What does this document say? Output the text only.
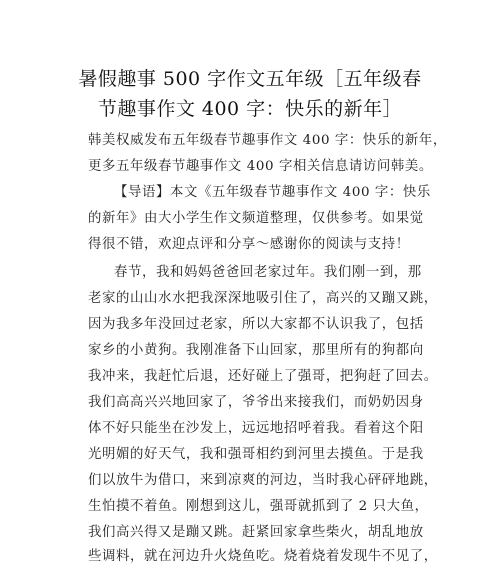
暑假趣事 500 字作文五年级［五年级春
节趣事作文 400 字：快乐的新年］
韩美权威发布五年级春节趣事作文 400 字：快乐的新年，
更多五年级春节趣事作文 400 字相关信息请访问韩美。
【导语】本文《五年级春节趣事作文 400 字：快乐
的新年》由大小学生作文频道整理，仅供参考。如果觉
得很不错，欢迎点评和分享～感谢你的阅读与支持！
春节，我和妈妈爸爸回老家过年。我们刚一到，那
老家的山山水水把我深深地吸引住了，高兴的又蹦又跳，
因为我多年没回过老家，所以大家都不认识我了，包括
家乡的小黄狗。我刚准备下山回家，那里所有的狗都向
我冲来，我赶忙后退，还好碰上了强哥，把狗赶了回去。
我们高高兴兴地回家了，爷爷出来接我们，而奶奶因身
体不好只能坐在沙发上，远远地招呼着我。看着这个阳
光明媚的好天气，我和强哥相约到河里去摸鱼。于是我
们以放牛为借口，来到凉爽的河边，当时我心砰砰地跳，
生怕摸不着鱼。刚想到这儿，强哥就抓到了 2 只大鱼，
我们高兴得又是蹦又跳。赶紧回家拿些柴火，胡乱地放
些调料，就在河边升火烧鱼吃。烧着烧着发现牛不见了，
